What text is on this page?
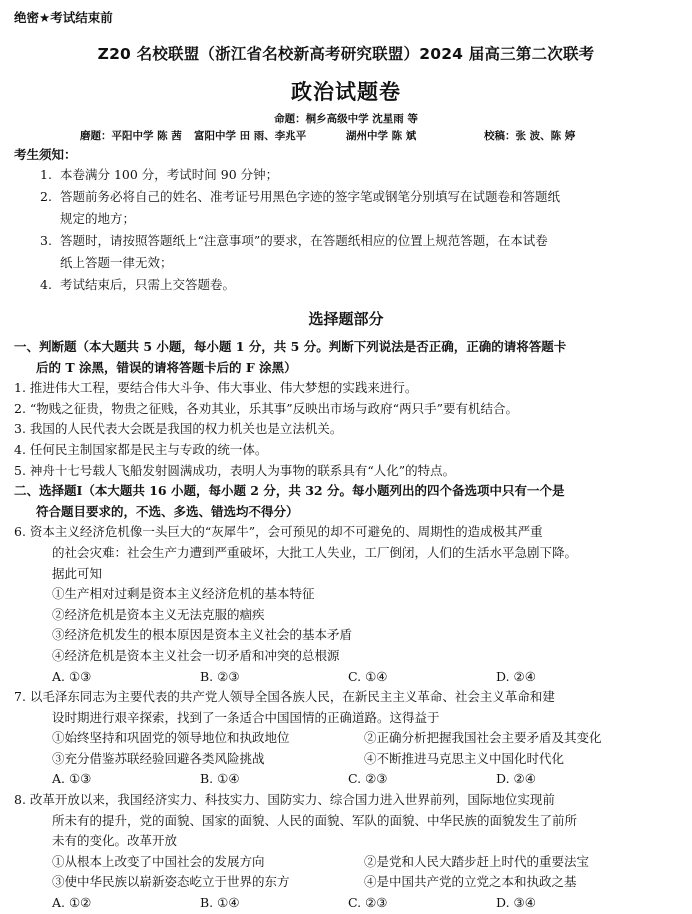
绝密★考试结束前
Z20 名校联盟（浙江省名校新高考研究联盟）2024 届高三第二次联考
政治试题卷
命题：桐乡高级中学 沈星雨 等
磨题：平阳中学 陈 茜	富阳中学 田 雨、李兆平	湖州中学 陈 斌	校稿：张 波、陈 婷
考生须知：
1. 本卷满分 100 分，考试时间 90 分钟；
2. 答题前务必将自己的姓名、准考证号用黑色字迹的签字笔或钢笔分别填写在试题卷和答题纸
规定的地方；
3. 答题时，请按照答题纸上“注意事项”的要求，在答题纸相应的位置上规范答题，在本试卷
纸上答题一律无效；
4. 考试结束后，只需上交答题卷。
选择题部分
一、判断题（本大题共 5 小题，每小题 1 分，共 5 分。判断下列说法是否正确，正确的请将答题卡
后的 T 涂黑，错误的请将答题卡后的 F 涂黑）
1. 推进伟大工程，要结合伟大斗争、伟大事业、伟大梦想的实践来进行。
2. “物贱之征贵，物贵之征贱，各劝其业，乐其事”反映出市场与政府“两只手”要有机结合。
3. 我国的人民代表大会既是我国的权力机关也是立法机关。
4. 任何民主制国家都是民主与专政的统一体。
5. 神舟十七号载人飞船发射圆满成功，表明人为事物的联系具有“人化”的特点。
二、选择题Ⅰ（本大题共 16 小题，每小题 2 分，共 32 分。每小题列出的四个备选项中只有一个是
符合题目要求的，不选、多选、错选均不得分）
6. 资本主义经济危机像一头巨大的“灰犀牛”，会可预见的却不可避免的、周期性的造成极其严重
的社会灾难：社会生产力遭到严重破坏，大批工人失业，工厂倒闭，人们的生活水平急剧下降。
据此可知
①生产相对过剩是资本主义经济危机的基本特征
②经济危机是资本主义无法克服的痼疾
③经济危机发生的根本原因是资本主义社会的基本矛盾
④经济危机是资本主义社会一切矛盾和冲突的总根源
A. ①③	B. ②③	C. ①④	D. ②④
7. 以毛泽东同志为主要代表的共产党人领导全国各族人民，在新民主主义革命、社会主义革命和建
设时期进行艰辛探索，找到了一条适合中国国情的正确道路。这得益于
①始终坚持和巩固党的领导地位和执政地位	②正确分析把握我国社会主要矛盾及其变化
③充分借鉴苏联经验回避各类风险挑战	④不断推进马克思主义中国化时代化
A. ①③	B. ①④	C. ②③	D. ②④
8. 改革开放以来，我国经济实力、科技实力、国防实力、综合国力进入世界前列，国际地位实现前
所未有的提升，党的面貌、国家的面貌、人民的面貌、军队的面貌、中华民族的面貌发生了前所
未有的变化。改革开放
①从根本上改变了中国社会的发展方向	②是党和人民大踏步赶上时代的重要法宝
③使中华民族以崭新姿态屹立于世界的东方	④是中国共产党的立党之本和执政之基
A. ①②	B. ①④	C. ②③	D. ③④
